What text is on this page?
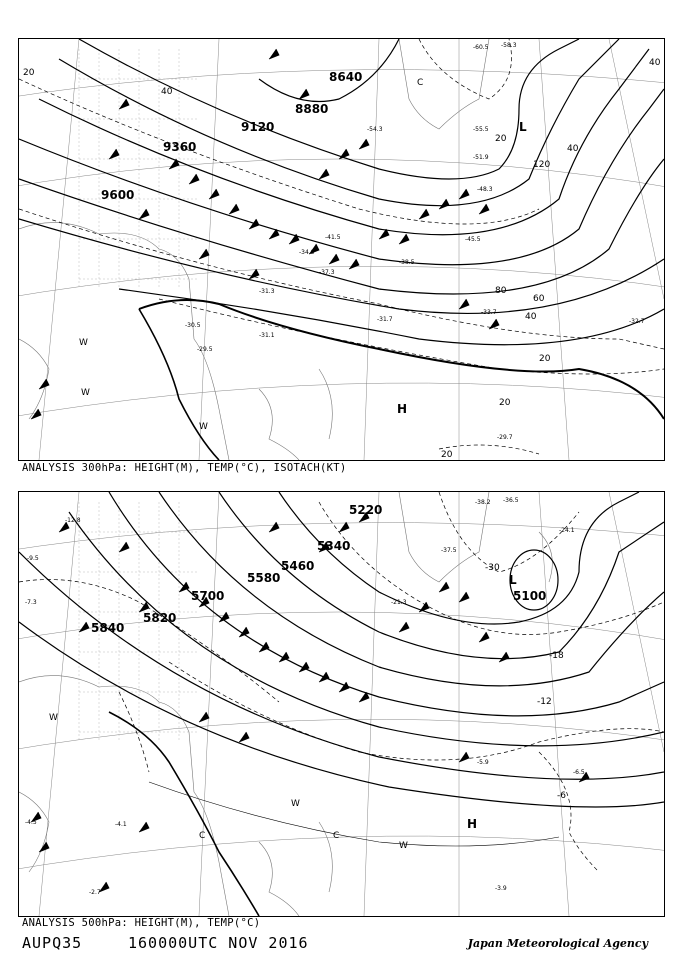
8640
8880
9120
9360
9600
20
40
40
20
120
40
80
60
40
20
20
20
-60.5 -58.3
-55.5
-54.3
-51.9
-48.3
-45.5
-41.5
-38.5
-37.3
-34.9
-33.7
-32.7
-31.7
-31.3
-31.1
-30.5
-29.5
-29.7
L
C
W
W
W
H
ANALYSIS 300hPa: HEIGHT(M), TEMP(°C), ISOTACH(KT)
5100
5220
5340
5460
5580
5700
5820
5840
-38.2 -36.5
-37.5
-30
-24.1
-21.3
-18
-12
-6
-6.5
-5.9
-3.9
-2.7
-4.1
-4.5
-7.3
-9.5
-12.8
L
W
W
C	C
W
H
ANALYSIS 500hPa: HEIGHT(M), TEMP(°C)
AUPQ35	160000UTC NOV 2016	Japan Meteorological Agency
